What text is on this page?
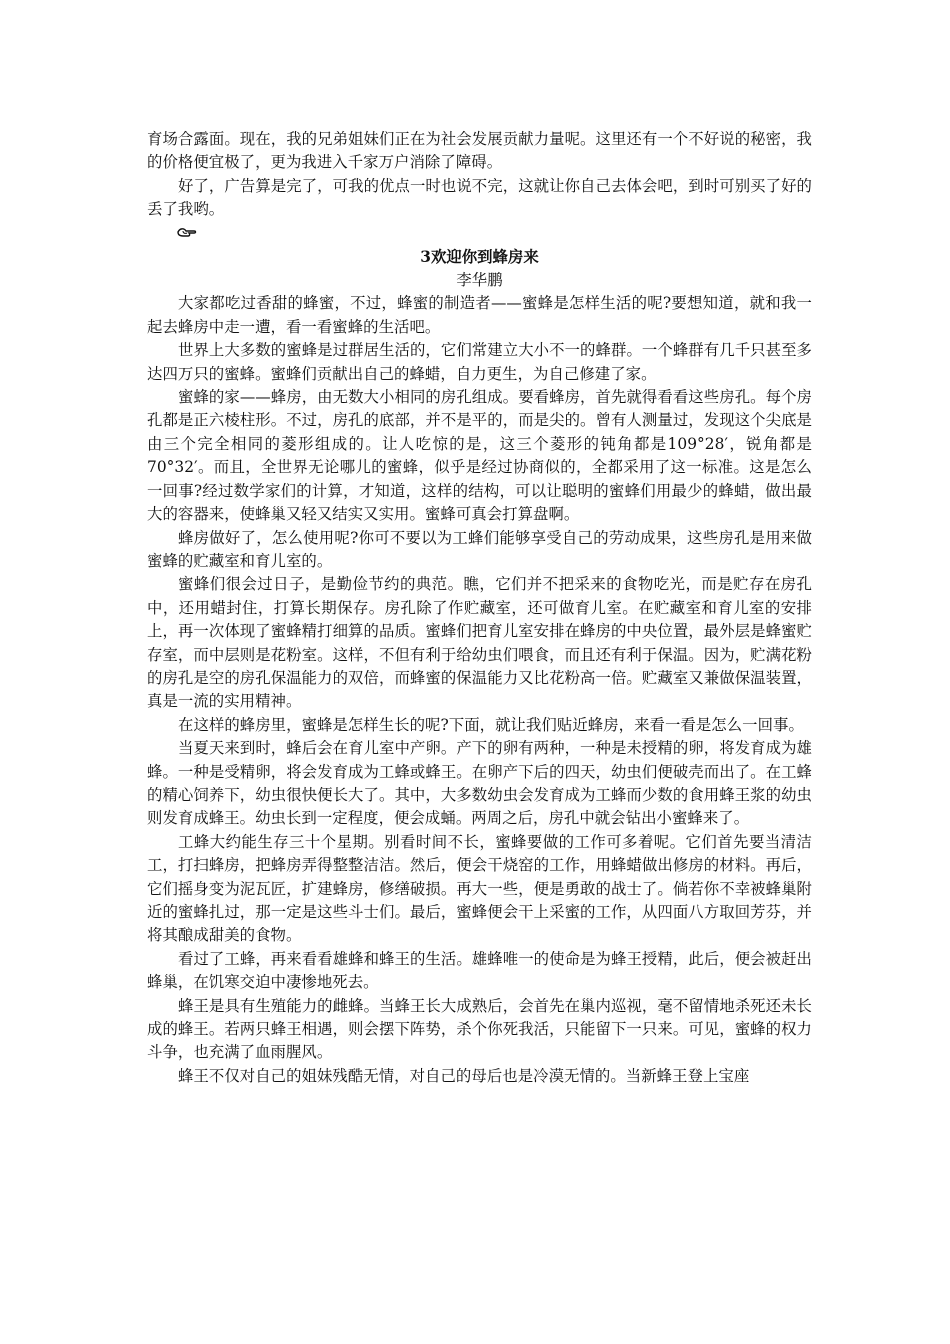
育场合露面。现在，我的兄弟姐妹们正在为社会发展贡献力量呢。这里还有一个不好说的秘密，我的价格便宜极了，更为我进入千家万户消除了障碍。

好了，广告算是完了，可我的优点一时也说不完，这就让你自己去体会吧，到时可别买了好的丢了我哟。

3欢迎你到蜂房来
李华鹏

大家都吃过香甜的蜂蜜，不过，蜂蜜的制造者——蜜蜂是怎样生活的呢?要想知道，就和我一起去蜂房中走一遭，看一看蜜蜂的生活吧。

世界上大多数的蜜蜂是过群居生活的，它们常建立大小不一的蜂群。一个蜂群有几千只甚至多达四万只的蜜蜂。蜜蜂们贡献出自己的蜂蜡，自力更生，为自己修建了家。

蜜蜂的家——蜂房，由无数大小相同的房孔组成。要看蜂房，首先就得看看这些房孔。每个房孔都是正六棱柱形。不过，房孔的底部，并不是平的，而是尖的。曾有人测量过，发现这个尖底是由三个完全相同的菱形组成的。让人吃惊的是，这三个菱形的钝角都是109°28′，锐角都是70°32′。而且，全世界无论哪儿的蜜蜂，似乎是经过协商似的，全都采用了这一标准。这是怎么一回事?经过数学家们的计算，才知道，这样的结构，可以让聪明的蜜蜂们用最少的蜂蜡，做出最大的容器来，使蜂巢又轻又结实又实用。蜜蜂可真会打算盘啊。

蜂房做好了，怎么使用呢?你可不要以为工蜂们能够享受自己的劳动成果，这些房孔是用来做蜜蜂的贮藏室和育儿室的。

蜜蜂们很会过日子，是勤俭节约的典范。瞧，它们并不把采来的食物吃光，而是贮存在房孔中，还用蜡封住，打算长期保存。房孔除了作贮藏室，还可做育儿室。在贮藏室和育儿室的安排上，再一次体现了蜜蜂精打细算的品质。蜜蜂们把育儿室安排在蜂房的中央位置，最外层是蜂蜜贮存室，而中层则是花粉室。这样，不但有利于给幼虫们喂食，而且还有利于保温。因为，贮满花粉的房孔是空的房孔保温能力的双倍，而蜂蜜的保温能力又比花粉高一倍。贮藏室又兼做保温装置，真是一流的实用精神。

在这样的蜂房里，蜜蜂是怎样生长的呢?下面，就让我们贴近蜂房，来看一看是怎么一回事。

当夏天来到时，蜂后会在育儿室中产卵。产下的卵有两种，一种是未授精的卵，将发育成为雄蜂。一种是受精卵，将会发育成为工蜂或蜂王。在卵产下后的四天，幼虫们便破壳而出了。在工蜂的精心饲养下，幼虫很快便长大了。其中，大多数幼虫会发育成为工蜂而少数的食用蜂王浆的幼虫则发育成蜂王。幼虫长到一定程度，便会成蛹。两周之后，房孔中就会钻出小蜜蜂来了。

工蜂大约能生存三十个星期。别看时间不长，蜜蜂要做的工作可多着呢。它们首先要当清洁工，打扫蜂房，把蜂房弄得整整洁洁。然后，便会干烧窑的工作，用蜂蜡做出修房的材料。再后，它们摇身变为泥瓦匠，扩建蜂房，修缮破损。再大一些，便是勇敢的战士了。倘若你不幸被蜂巢附近的蜜蜂扎过，那一定是这些斗士们。最后，蜜蜂便会干上采蜜的工作，从四面八方取回芳芬，并将其酿成甜美的食物。

看过了工蜂，再来看看雄蜂和蜂王的生活。雄蜂唯一的使命是为蜂王授精，此后，便会被赶出蜂巢，在饥寒交迫中凄惨地死去。

蜂王是具有生殖能力的雌蜂。当蜂王长大成熟后，会首先在巢内巡视，毫不留情地杀死还未长成的蜂王。若两只蜂王相遇，则会摆下阵势，杀个你死我活，只能留下一只来。可见，蜜蜂的权力斗争，也充满了血雨腥风。

蜂王不仅对自己的姐妹残酷无情，对自己的母后也是冷漠无情的。当新蜂王登上宝座
